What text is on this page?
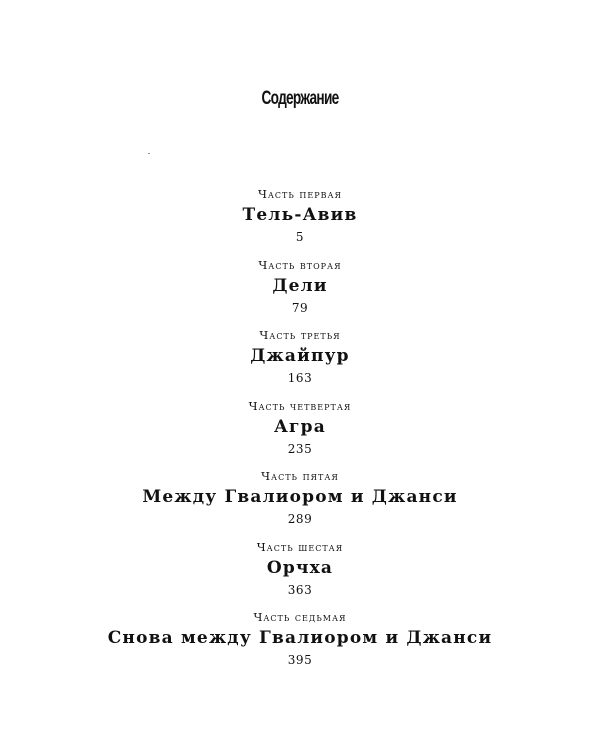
Содержание
Часть первая
Тель-Авив
5
Часть вторая
Дели
79
Часть третья
Джайпур
163
Часть четвертая
Агра
235
Часть пятая
Между Гвалиором и Джанси
289
Часть шестая
Орчха
363
Часть седьмая
Снова между Гвалиором и Джанси
395
